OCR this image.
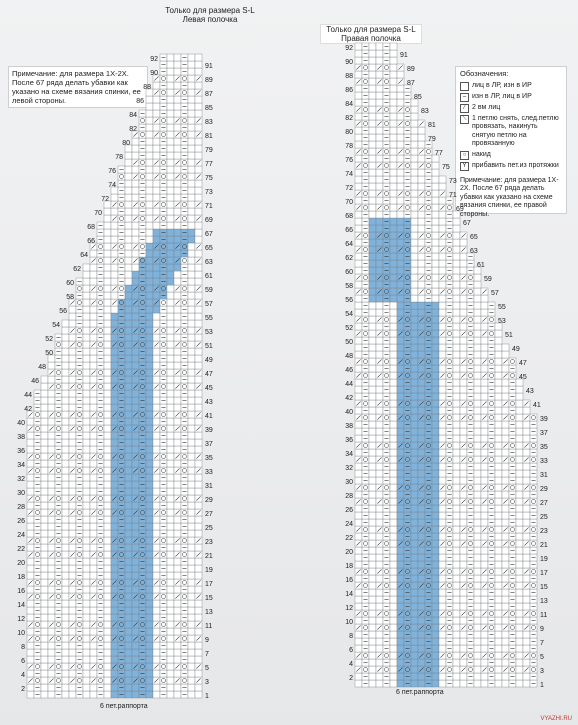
Только для размера S-L
Левая полочка
Только для размера S-L
Правая полочка
Примечание: для размера 1X-2X. После 67 ряда делать убавки как указано на схеме вязания спинки, ее левой стороны.
Обозначения:
лиц в ЛР, изн в ИР
– изн в ЛР, лиц в ИР
⁄	2 вм лиц
⟍ 1 петлю снять, след.петлю провязать, накинуть снятую петлю на провязанную
○ накид
Υ прибавить пет.из протяжки
Примечание: для размера 1X-2X. После 67 ряда делать убавки как указано на схеме вязания спинки, ее правой стороны.
1
2
3
4
5
6
7
8
9
10
11
12
13
14
15
16
17
18
19
20
21
22
23
24
25
26
27
28
29
30
31
32
33
34
35
36
37
38
39
40
41
42
43
44
45
46
47
48
49
50
51
52
53
54
55
56
57
58
59
60
61
62
63
64
65
66
67
68
69
70
71
72
73
74
75
76
77
78
79
80
81
82
83
84
85
86
87
88
89
90
91
92
1
2
3
4
5
6
7
8
9
10
11
12
13
14
15
16
17
18
19
20
21
22
23
24
25
26
27
28
29
30
31
32
33
34
35
36
37
38
39
40
41
42
43
44
45
46
47
48
49
50
51
52
53
54
55
56
57
58
59
60
61
62
63
64
65
66
67
68
69
70
71
72
73
74
75
76
77
78
79
80
81
82
83
84
85
86
87
88
89
90
91
92
6 пет.раппорта
6 пет.раппорта
VYAZHI.RU
